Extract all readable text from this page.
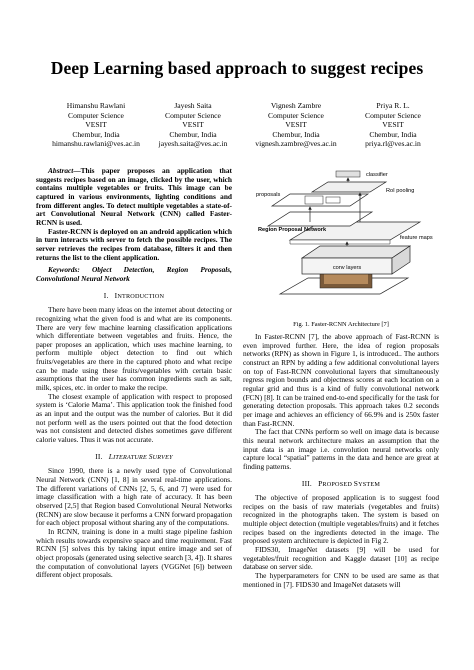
Deep Learning based approach to suggest recipes
Himanshu Rawlani
Computer Science
VESIT
Chembur, India
himanshu.rawlani@ves.ac.in
Jayesh Saita
Computer Science
VESIT
Chembur, India
jayesh.saita@ves.ac.in
Vignesh Zambre
Computer Science
VESIT
Chembur, India
vignesh.zambre@ves.ac.in
Priya R. L.
Computer Science
VESIT
Chembur, India
priya.rl@ves.ac.in

Abstract—This paper proposes an application that suggests recipes based on an image, clicked by the user, which contains multiple vegetables or fruits. This image can be captured in various environments, lighting conditions and from different angles. To detect multiple vegetables a state-of-art Convolutional Neural Network (CNN) called Faster-RCNN is used.

Faster-RCNN is deployed on an android application which in turn interacts with server to fetch the possible recipes. The server retrieves the recipes from database, filters it and then returns the list to the client application.

Keywords: Object Detection, Region Proposals, Convolutional Neural Network

I. INTRODUCTION

There have been many ideas on the internet about detecting or recognizing what the given food is and what are its components. There are very few machine learning classification applications which differentiate between vegetables and fruits. Hence, the paper proposes an application, which uses machine learning, to perform multiple object detection to find out which fruits/vegetables are there in the captured photo and what recipe can be made using these fruits/vegetables with certain basic assumptions that the user has common ingredients such as salt, milk, spices, etc. in order to make the recipe.

The closest example of application with respect to proposed system is ‘Calorie Mama’. This application took the finished food as an input and the output was the number of calories. But it did not perform well as the users pointed out that the food detection was not consistent and detected dishes sometimes gave different calorie values. Thus it was not accurate.

II. LITERATURE SURVEY

Since 1990, there is a newly used type of Convolutional Neural Network (CNN) [1, 8] in several real-time applications. The different variations of CNNs [2, 5, 6, and 7] were used for image classification with a high rate of accuracy. It has been observed [2,5] that Region based Convolutional Neural Networks (RCNN) are slow because it performs a CNN forward propagation for each object proposal without sharing any of the computations.

In RCNN, training is done in a multi stage pipeline fashion which results towards expensive space and time requirement. Fast RCNN [5] solves this by taking input entire image and set of object proposals (generated using selective search [3, 4]). It shares the computation of convolutional layers (VGGNet [6]) between different object proposals.

conv layers
feature maps
Region Proposal Network
proposals
RoI pooling
classifier
Fig. 1. Faster-RCNN Architecture [7]

In Faster-RCNN [7], the above approach of Fast-RCNN is even improved further. Here, the idea of region proposals networks (RPN) as shown in Figure 1, is introduced.. The authors construct an RPN by adding a few additional convolutional layers on top of Fast-RCNN convolutional layers that simultaneously regress region bounds and objectness scores at each location on a regular grid and thus is a kind of fully convolutional network (FCN) [8]. It can be trained end-to-end specifically for the task for generating detection proposals. This approach takes 0.2 seconds per image and achieves an efficiency of 66.9% and is 250x faster than Fast-RCNN.

The fact that CNNs perform so well on image data is because this neural network architecture makes an assumption that the input data is an image i.e. convolution neural networks only capture local “spatial” patterns in the data and hence are great at finding patterns.

III. PROPOSED SYSTEM

The objective of proposed application is to suggest food recipes on the basis of raw materials (vegetables and fruits) recognized in the photographs taken. The system is based on multiple object detection (multiple vegetables/fruits) and it fetches recipes based on the ingredients detected in the image. The proposed system architecture is depicted in Fig 2.

FIDS30, ImageNet datasets [9] will be used for vegetables/fruit recognition and Kaggle dataset [10] as recipe database on server side.

The hyperparameters for CNN to be used are same as that mentioned in [7]. FIDS30 and ImageNet datasets will
